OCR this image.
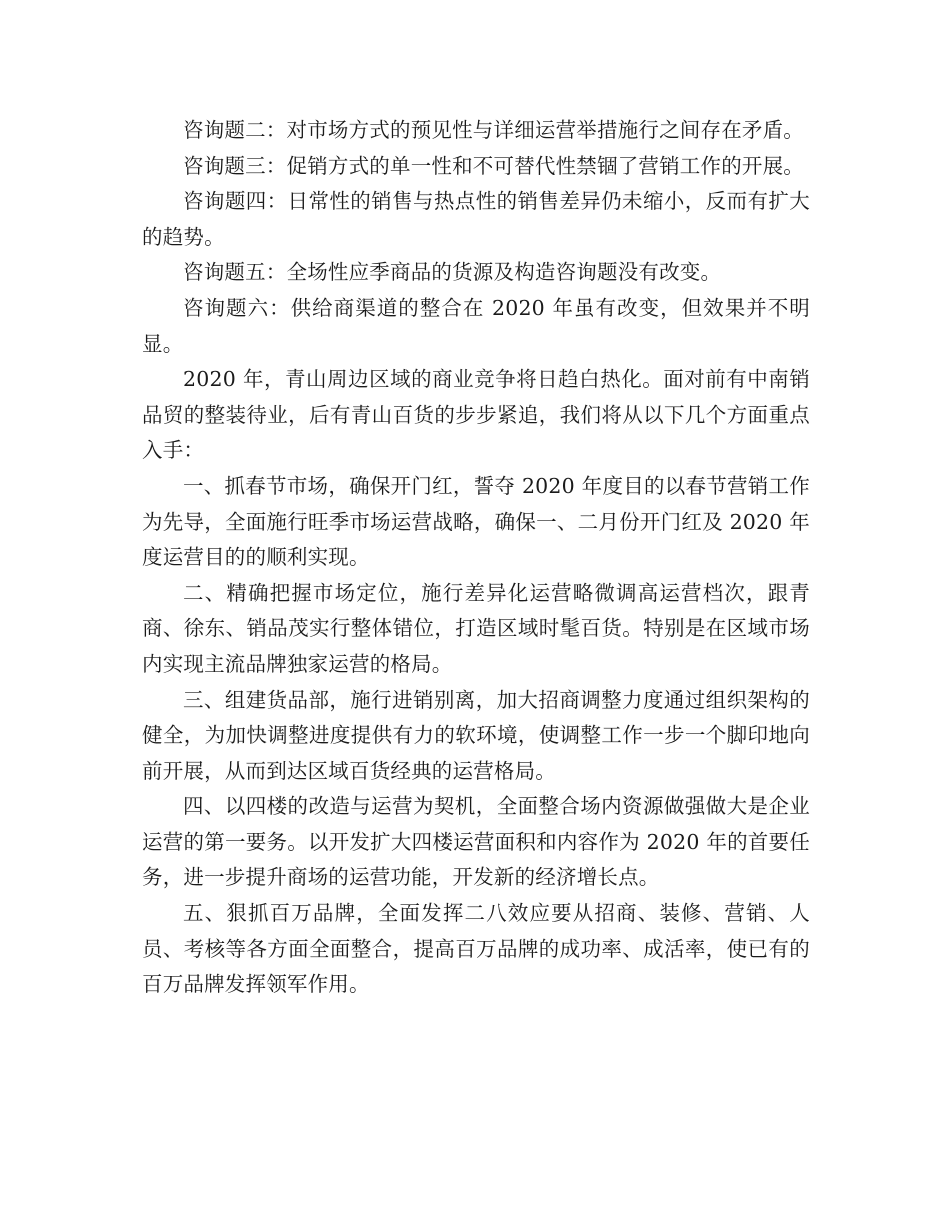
咨询题二：对市场方式的预见性与详细运营举措施行之间存在矛盾。

咨询题三：促销方式的单一性和不可替代性禁锢了营销工作的开展。

咨询题四：日常性的销售与热点性的销售差异仍未缩小，反而有扩大的趋势。

咨询题五：全场性应季商品的货源及构造咨询题没有改变。

咨询题六：供给商渠道的整合在 2020 年虽有改变，但效果并不明显。

2020 年，青山周边区域的商业竞争将日趋白热化。面对前有中南销品贸的整装待业，后有青山百货的步步紧追，我们将从以下几个方面重点入手：

一、抓春节市场，确保开门红，誓夺 2020 年度目的以春节营销工作为先导，全面施行旺季市场运营战略，确保一、二月份开门红及 2020 年度运营目的的顺利实现。

二、精确把握市场定位，施行差异化运营略微调高运营档次，跟青商、徐东、销品茂实行整体错位，打造区域时髦百货。特别是在区域市场内实现主流品牌独家运营的格局。

三、组建货品部，施行进销别离，加大招商调整力度通过组织架构的健全，为加快调整进度提供有力的软环境，使调整工作一步一个脚印地向前开展，从而到达区域百货经典的运营格局。

四、以四楼的改造与运营为契机，全面整合场内资源做强做大是企业运营的第一要务。以开发扩大四楼运营面积和内容作为 2020 年的首要任务，进一步提升商场的运营功能，开发新的经济增长点。

五、狠抓百万品牌，全面发挥二八效应要从招商、装修、营销、人员、考核等各方面全面整合，提高百万品牌的成功率、成活率，使已有的百万品牌发挥领军作用。
